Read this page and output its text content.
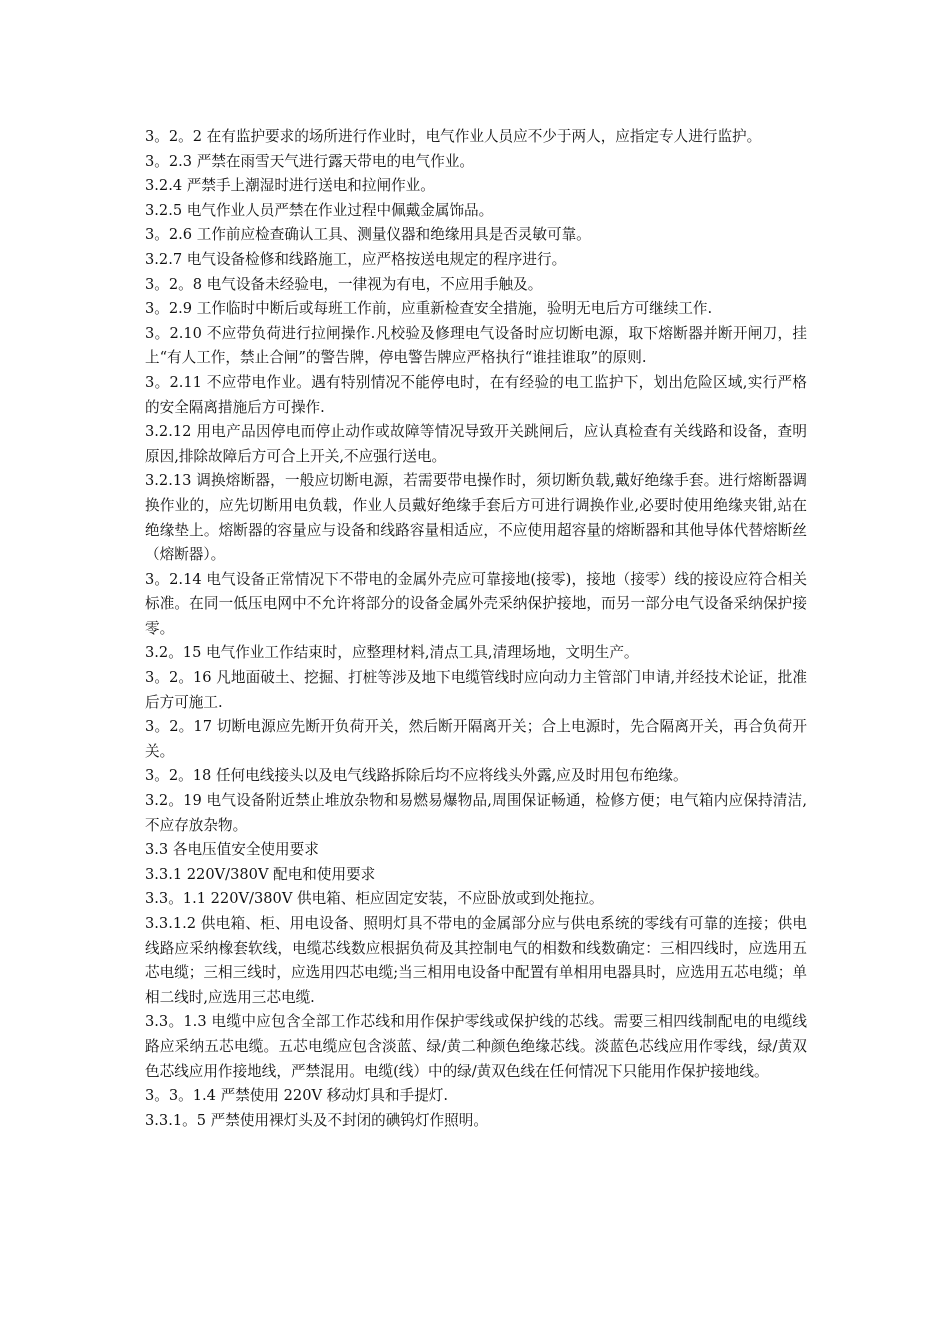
3。2。2 在有监护要求的场所进行作业时，电气作业人员应不少于两人，应指定专人进行监护。

3。2.3 严禁在雨雪天气进行露天带电的电气作业。

3.2.4 严禁手上潮湿时进行送电和拉闸作业。

3.2.5 电气作业人员严禁在作业过程中佩戴金属饰品。

3。2.6 工作前应检查确认工具、测量仪器和绝缘用具是否灵敏可靠。

3.2.7 电气设备检修和线路施工，应严格按送电规定的程序进行。

3。2。8 电气设备未经验电，一律视为有电，不应用手触及。

3。2.9 工作临时中断后或每班工作前，应重新检查安全措施，验明无电后方可继续工作.

3。2.10 不应带负荷进行拉闸操作.凡校验及修理电气设备时应切断电源，取下熔断器并断开闸刀，挂上“有人工作，禁止合闸”的警告牌，停电警告牌应严格执行“谁挂谁取”的原则.

3。2.11 不应带电作业。遇有特别情况不能停电时，在有经验的电工监护下，划出危险区域,实行严格的安全隔离措施后方可操作.

3.2.12 用电产品因停电而停止动作或故障等情况导致开关跳闸后，应认真检查有关线路和设备，查明原因,排除故障后方可合上开关,不应强行送电。

3.2.13 调换熔断器，一般应切断电源，若需要带电操作时，须切断负载,戴好绝缘手套。进行熔断器调换作业的，应先切断用电负载，作业人员戴好绝缘手套后方可进行调换作业,必要时使用绝缘夹钳,站在绝缘垫上。熔断器的容量应与设备和线路容量相适应，不应使用超容量的熔断器和其他导体代替熔断丝（熔断器）。

3。2.14 电气设备正常情况下不带电的金属外壳应可靠接地(接零)，接地（接零）线的接设应符合相关标准。在同一低压电网中不允许将部分的设备金属外壳采纳保护接地，而另一部分电气设备采纳保护接零。

3.2。15 电气作业工作结束时，应整理材料,清点工具,清理场地，文明生产。

3。2。16 凡地面破土、挖掘、打桩等涉及地下电缆管线时应向动力主管部门申请,并经技术论证，批准后方可施工.

3。2。17 切断电源应先断开负荷开关，然后断开隔离开关；合上电源时，先合隔离开关，再合负荷开关。

3。2。18 任何电线接头以及电气线路拆除后均不应将线头外露,应及时用包布绝缘。

3.2。19 电气设备附近禁止堆放杂物和易燃易爆物品,周围保证畅通，检修方便；电气箱内应保持清洁,不应存放杂物。

3.3 各电压值安全使用要求

3.3.1 220V/380V 配电和使用要求

3.3。1.1 220V/380V 供电箱、柜应固定安装，不应卧放或到处拖拉。

3.3.1.2 供电箱、柜、用电设备、照明灯具不带电的金属部分应与供电系统的零线有可靠的连接；供电线路应采纳橡套软线，电缆芯线数应根据负荷及其控制电气的相数和线数确定：三相四线时，应选用五芯电缆；三相三线时，应选用四芯电缆;当三相用电设备中配置有单相用电器具时，应选用五芯电缆；单相二线时,应选用三芯电缆.

3.3。1.3 电缆中应包含全部工作芯线和用作保护零线或保护线的芯线。需要三相四线制配电的电缆线路应采纳五芯电缆。五芯电缆应包含淡蓝、绿/黄二种颜色绝缘芯线。淡蓝色芯线应用作零线，绿/黄双色芯线应用作接地线，严禁混用。电缆(线）中的绿/黄双色线在任何情况下只能用作保护接地线。

3。3。1.4 严禁使用 220V 移动灯具和手提灯.

3.3.1。5 严禁使用裸灯头及不封闭的碘钨灯作照明。
